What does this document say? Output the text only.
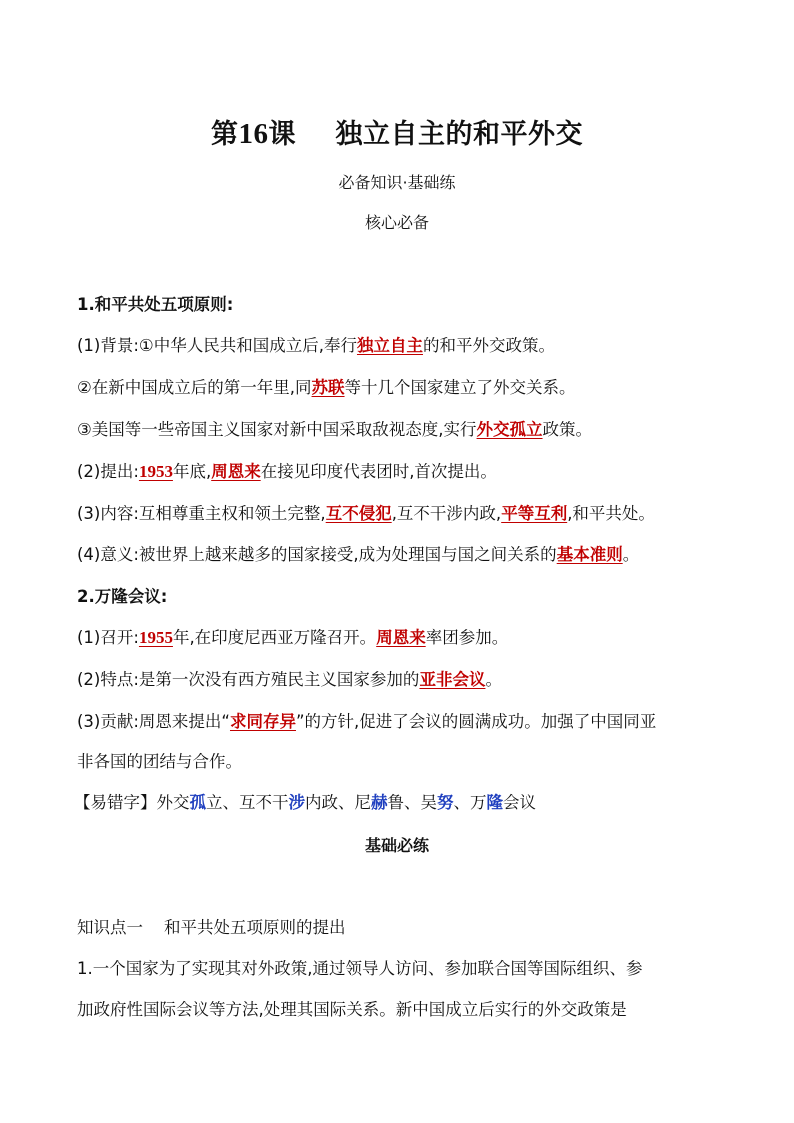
第16课    独立自主的和平外交
必备知识·基础练
核心必备
1.和平共处五项原则:
(1)背景:①中华人民共和国成立后,奉行独立自主的和平外交政策。
②在新中国成立后的第一年里,同苏联等十几个国家建立了外交关系。
③美国等一些帝国主义国家对新中国采取敌视态度,实行外交孤立政策。
(2)提出:1953年底,周恩来在接见印度代表团时,首次提出。
(3)内容:互相尊重主权和领土完整,互不侵犯,互不干涉内政,平等互利,和平共处。
(4)意义:被世界上越来越多的国家接受,成为处理国与国之间关系的基本准则。
2.万隆会议:
(1)召开:1955年,在印度尼西亚万隆召开。周恩来率团参加。
(2)特点:是第一次没有西方殖民主义国家参加的亚非会议。
(3)贡献:周恩来提出“求同存异”的方针,促进了会议的圆满成功。加强了中国同亚
非各国的团结与合作。
【易错字】外交孤立、互不干涉内政、尼赫鲁、吴努、万隆会议
基础必练
知识点一    和平共处五项原则的提出
1.一个国家为了实现其对外政策,通过领导人访问、参加联合国等国际组织、参
加政府性国际会议等方法,处理其国际关系。新中国成立后实行的外交政策是
